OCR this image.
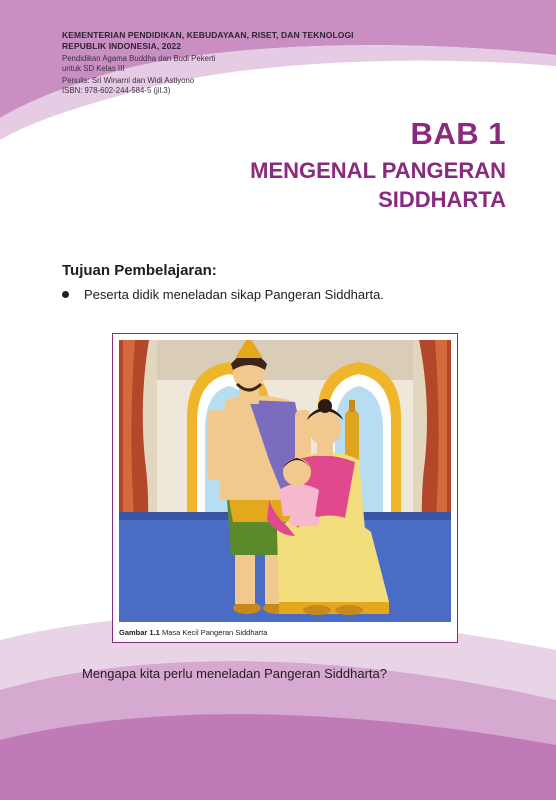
KEMENTERIAN PENDIDIKAN, KEBUDAYAAN, RISET, DAN TEKNOLOGI
REPUBLIK INDONESIA, 2022
Pendidikan Agama Buddha dan Budi Pekerti
untuk SD Kelas III
Penulis: Sri Winarni dan Widi Astiyono
ISBN: 978-602-244-584-5 (jil.3)
BAB 1
MENGENAL PANGERAN
SIDDHARTA
Tujuan Pembelajaran:
Peserta didik meneladan sikap Pangeran Siddharta.
Gambar 1.1 Masa Kecil Pangeran Siddharta
Mengapa kita perlu meneladan Pangeran Siddharta?
